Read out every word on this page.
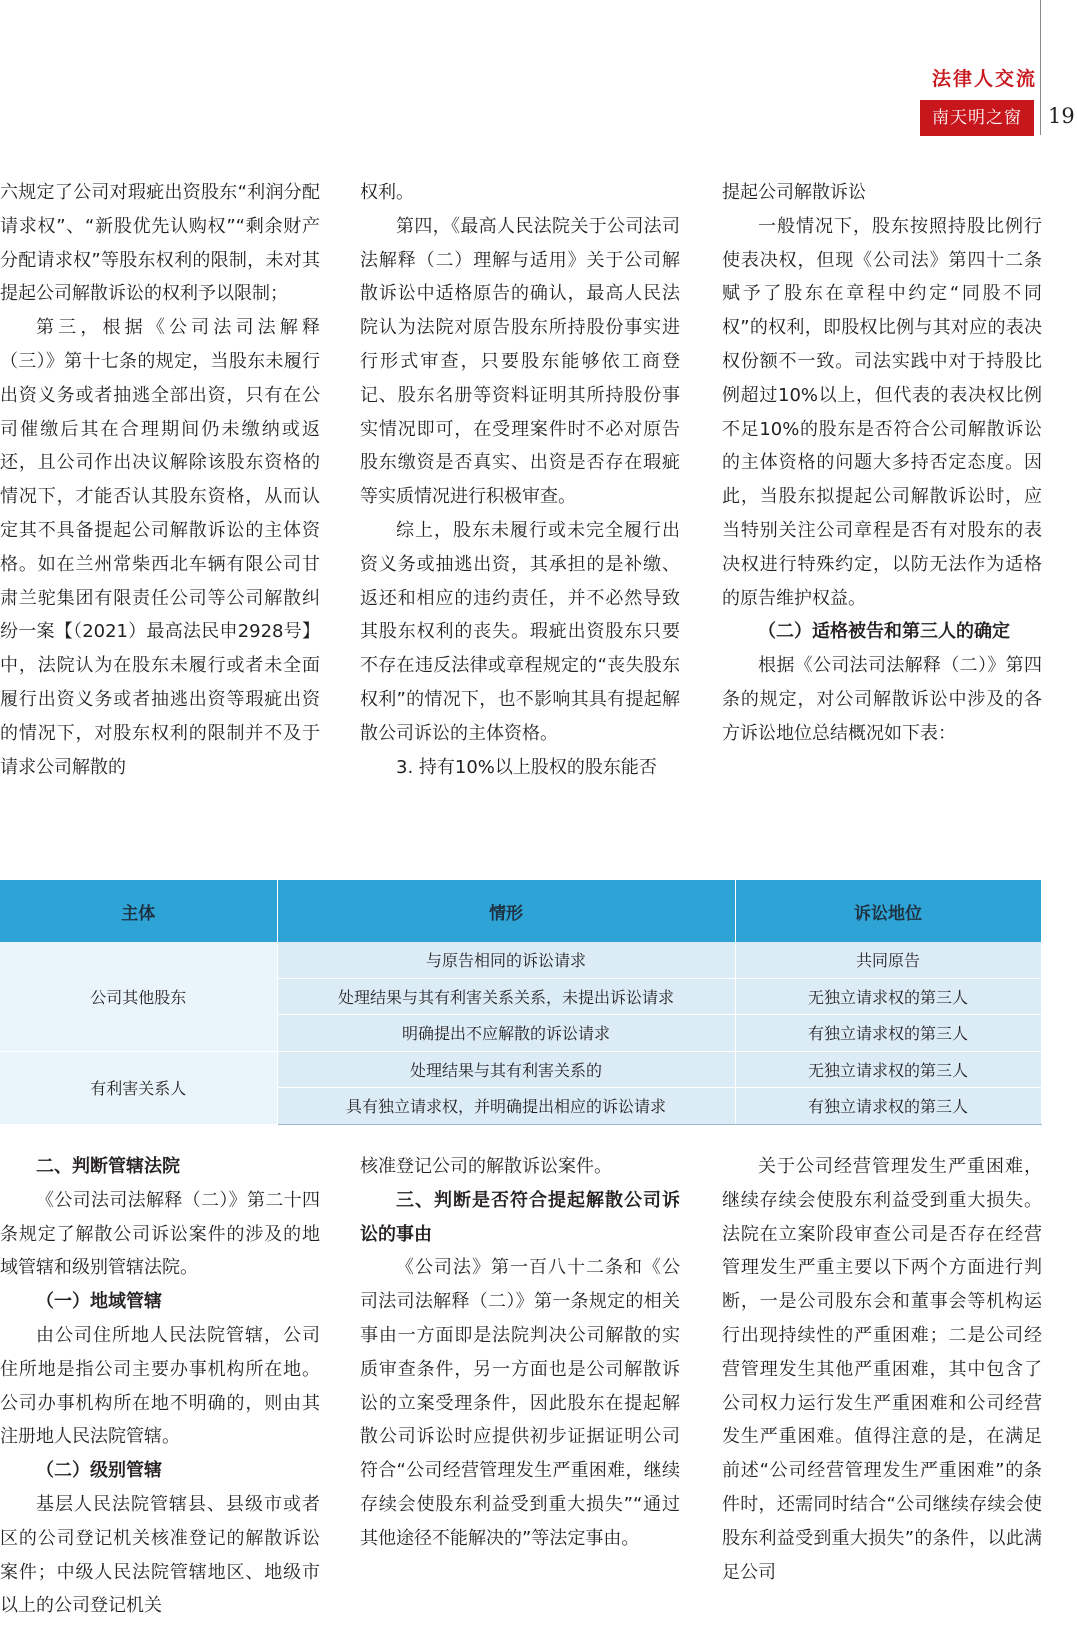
法律人交流
南天明之窗	19

六规定了公司对瑕疵出资股东“利润分配请求权”、“新股优先认购权”“剩余财产分配请求权”等股东权利的限制，未对其提起公司解散诉讼的权利予以限制；

第三，根据《公司法司法解释（三）》第十七条的规定，当股东未履行出资义务或者抽逃全部出资，只有在公司催缴后其在合理期间仍未缴纳或返还，且公司作出决议解除该股东资格的情况下，才能否认其股东资格，从而认定其不具备提起公司解散诉讼的主体资格。如在兰州常柴西北车辆有限公司甘肃兰驼集团有限责任公司等公司解散纠纷一案【（2021）最高法民申2928号】中，法院认为在股东未履行或者未全面履行出资义务或者抽逃出资等瑕疵出资的情况下，对股东权利的限制并不及于请求公司解散的

权利。

第四，《最高人民法院关于公司法司法解释（二）理解与适用》关于公司解散诉讼中适格原告的确认，最高人民法院认为法院对原告股东所持股份事实进行形式审查，只要股东能够依工商登记、股东名册等资料证明其所持股份事实情况即可，在受理案件时不必对原告股东缴资是否真实、出资是否存在瑕疵等实质情况进行积极审查。

综上，股东未履行或未完全履行出资义务或抽逃出资，其承担的是补缴、返还和相应的违约责任，并不必然导致其股东权利的丧失。瑕疵出资股东只要不存在违反法律或章程规定的“丧失股东权利”的情况下，也不影响其具有提起解散公司诉讼的主体资格。

3. 持有10%以上股权的股东能否

提起公司解散诉讼

一般情况下，股东按照持股比例行使表决权，但现《公司法》第四十二条赋予了股东在章程中约定“同股不同权”的权利，即股权比例与其对应的表决权份额不一致。司法实践中对于持股比例超过10%以上，但代表的表决权比例不足10%的股东是否符合公司解散诉讼的主体资格的问题大多持否定态度。因此，当股东拟提起公司解散诉讼时，应当特别关注公司章程是否有对股东的表决权进行特殊约定，以防无法作为适格的原告维护权益。

（二）适格被告和第三人的确定

根据《公司法司法解释（二）》第四条的规定，对公司解散诉讼中涉及的各方诉讼地位总结概况如下表：

主体	情形	诉讼地位
公司其他股东	与原告相同的诉讼请求	共同原告
	处理结果与其有利害关系关系，未提出诉讼请求	无独立请求权的第三人
	明确提出不应解散的诉讼请求	有独立请求权的第三人
有利害关系人	处理结果与其有利害关系的	无独立请求权的第三人
	具有独立请求权，并明确提出相应的诉讼请求	有独立请求权的第三人

二、判断管辖法院

《公司法司法解释（二）》第二十四条规定了解散公司诉讼案件的涉及的地域管辖和级别管辖法院。

（一）地域管辖

由公司住所地人民法院管辖，公司住所地是指公司主要办事机构所在地。公司办事机构所在地不明确的，则由其注册地人民法院管辖。

（二）级别管辖

基层人民法院管辖县、县级市或者区的公司登记机关核准登记的解散诉讼案件；中级人民法院管辖地区、地级市以上的公司登记机关

核准登记公司的解散诉讼案件。

三、判断是否符合提起解散公司诉讼的事由

《公司法》第一百八十二条和《公司法司法解释（二）》第一条规定的相关事由一方面即是法院判决公司解散的实质审查条件，另一方面也是公司解散诉讼的立案受理条件，因此股东在提起解散公司诉讼时应提供初步证据证明公司符合“公司经营管理发生严重困难，继续存续会使股东利益受到重大损失”“通过其他途径不能解决的”等法定事由。

关于公司经营管理发生严重困难，继续存续会使股东利益受到重大损失。法院在立案阶段审查公司是否存在经营管理发生严重主要以下两个方面进行判断，一是公司股东会和董事会等机构运行出现持续性的严重困难；二是公司经营管理发生其他严重困难，其中包含了公司权力运行发生严重困难和公司经营发生严重困难。值得注意的是，在满足前述“公司经营管理发生严重困难”的条件时，还需同时结合“公司继续存续会使股东利益受到重大损失”的条件，以此满足公司
